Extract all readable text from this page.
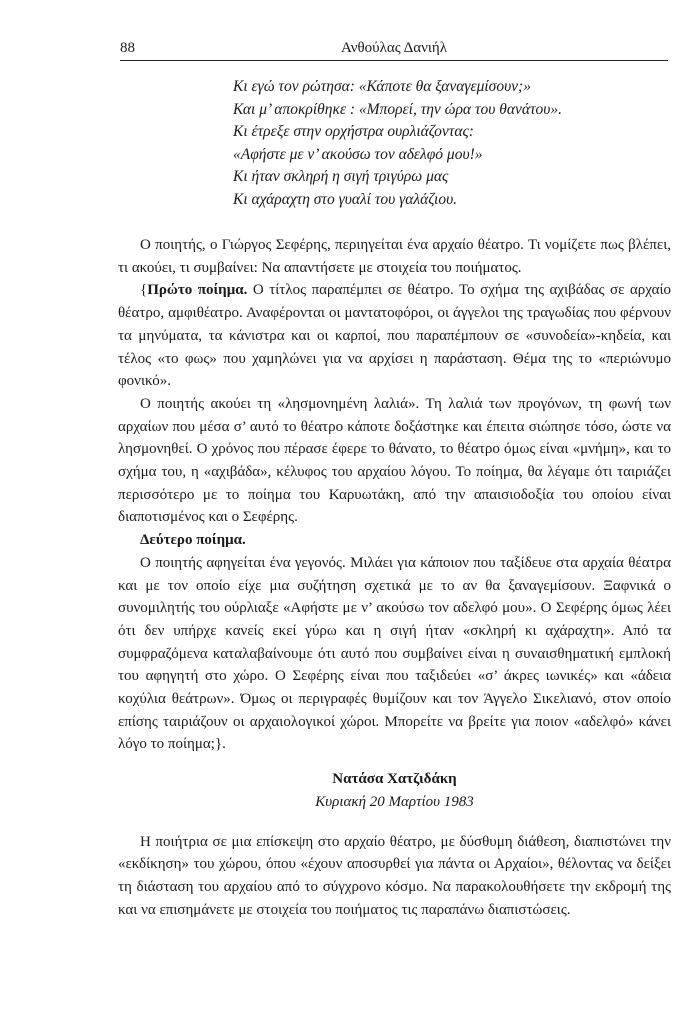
88	Ανθούλας Δανιήλ
Κι εγώ τον ρώτησα: «Κάποτε θα ξαναγεμίσουν;»
Και μ’ αποκρίθηκε : «Μπορεί, την ώρα του θανάτου».
Κι έτρεξε στην ορχήστρα ουρλιάζοντας:
«Αφήστε με ν’ ακούσω τον αδελφό μου!»
Κι ήταν σκληρή η σιγή τριγύρω μας
Κι αχάραχτη στο γυαλί του γαλάζιου.

Ο ποιητής, ο Γιώργος Σεφέρης, περιηγείται ένα αρχαίο θέατρο. Τι νομίζετε πως βλέπει, τι ακούει, τι συμβαίνει: Να απαντήσετε με στοιχεία του ποιήματος.

{Πρώτο ποίημα. Ο τίτλος παραπέμπει σε θέατρο. Το σχήμα της αχιβάδας σε αρχαίο θέατρο, αμφιθέατρο. Αναφέρονται οι μαντατοφόροι, οι άγγελοι της τραγωδίας που φέρνουν τα μηνύματα, τα κάνιστρα και οι καρποί, που παραπέμπουν σε «συνοδεία»-κηδεία, και τέλος «το φως» που χαμηλώνει για να αρχίσει η παράσταση. Θέμα της το «περιώνυμο φονικό».

Ο ποιητής ακούει τη «λησμονημένη λαλιά». Τη λαλιά των προγόνων, τη φωνή των αρχαίων που μέσα σ’ αυτό το θέατρο κάποτε δοξάστηκε και έπειτα σιώπησε τόσο, ώστε να λησμονηθεί. Ο χρόνος που πέρασε έφερε το θάνατο, το θέατρο όμως είναι «μνήμη», και το σχήμα του, η «αχιβάδα», κέλυφος του αρχαίου λόγου. Το ποίημα, θα λέγαμε ότι ταιριάζει περισσότερο με το ποίημα του Καρυωτάκη, από την απαισιοδοξία του οποίου είναι διαποτισμένος και ο Σεφέρης.

Δεύτερο ποίημα.

Ο ποιητής αφηγείται ένα γεγονός. Μιλάει για κάποιον που ταξίδευε στα αρχαία θέατρα και με τον οποίο είχε μια συζήτηση σχετικά με το αν θα ξαναγεμίσουν. Ξαφνικά ο συνομιλητής του ούρλιαξε «Αφήστε με ν’ ακούσω τον αδελφό μου». Ο Σεφέρης όμως λέει ότι δεν υπήρχε κανείς εκεί γύρω και η σιγή ήταν «σκληρή κι αχάραχτη». Από τα συμφραζόμενα καταλαβαίνουμε ότι αυτό που συμβαίνει είναι η συναισθηματική εμπλοκή του αφηγητή στο χώρο. Ο Σεφέρης είναι που ταξιδεύει «σ’ άκρες ιωνικές» και «άδεια κοχύλια θεάτρων». Όμως οι περιγραφές θυμίζουν και τον Άγγελο Σικελιανό, στον οποίο επίσης ταιριάζουν οι αρχαιολογικοί χώροι. Μπορείτε να βρείτε για ποιον «αδελφό» κάνει λόγο το ποίημα;}.

Νατάσα Χατζιδάκη
Κυριακή 20 Μαρτίου 1983

Η ποιήτρια σε μια επίσκεψη στο αρχαίο θέατρο, με δύσθυμη διάθεση, διαπιστώνει την «εκδίκηση» του χώρου, όπου «έχουν αποσυρθεί για πάντα οι Αρχαίοι», θέλοντας να δείξει τη διάσταση του αρχαίου από το σύγχρονο κόσμο. Να παρακολουθήσετε την εκδρομή της και να επισημάνετε με στοιχεία του ποιήματος τις παραπάνω διαπιστώσεις.
